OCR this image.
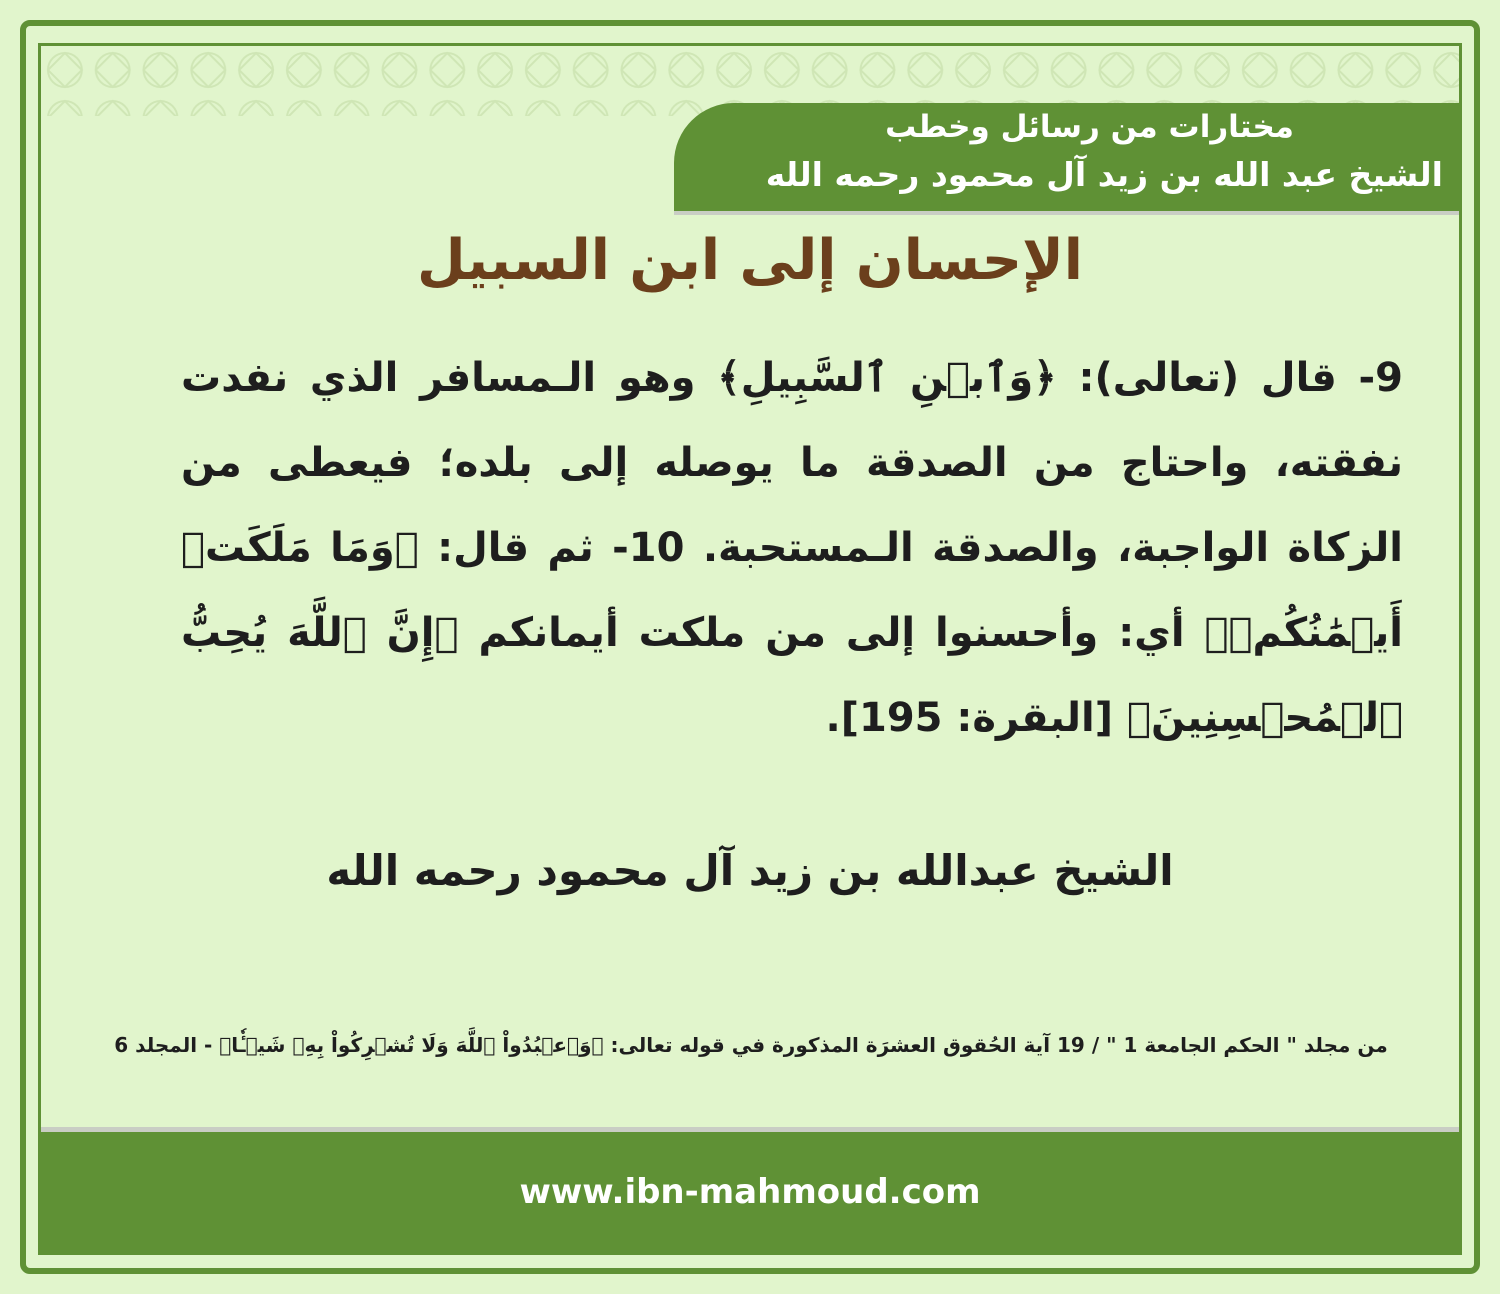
مختارات من رسائل وخطب
الشيخ عبد الله بن زيد آل محمود رحمه الله
الإحسان إلى ابن السبيل
9- قال (تعالى): ﴿وَٱبۡنِ ٱلسَّبِيلِ﴾ وهو الـمسافر الذي نفدت نفقته، واحتاج من الصدقة ما يوصله إلى بلده؛ فيعطى من الزكاة الواجبة، والصدقة الـمستحبة. 10- ثم قال: ﴿وَمَا مَلَكَتۡ أَيۡمَٰنُكُمۡ﴾ أي: وأحسنوا إلى من ملكت أيمانكم ﴿إِنَّ ٱللَّهَ يُحِبُّ ٱلۡمُحۡسِنِينَ﴾ [البقرة: 195].
الشيخ عبدالله بن زيد آل محمود رحمه الله
من مجلد " الحكم الجامعة 1 " / 19 آية الحُقوق العشرَة المذكورة في قوله تعالى: ﴿وَٱعۡبُدُواْ ٱللَّهَ وَلَا تُشۡرِكُواْ بِهِۦ شَيۡـٔٗا﴾ - المجلد 6
www.ibn-mahmoud.com
